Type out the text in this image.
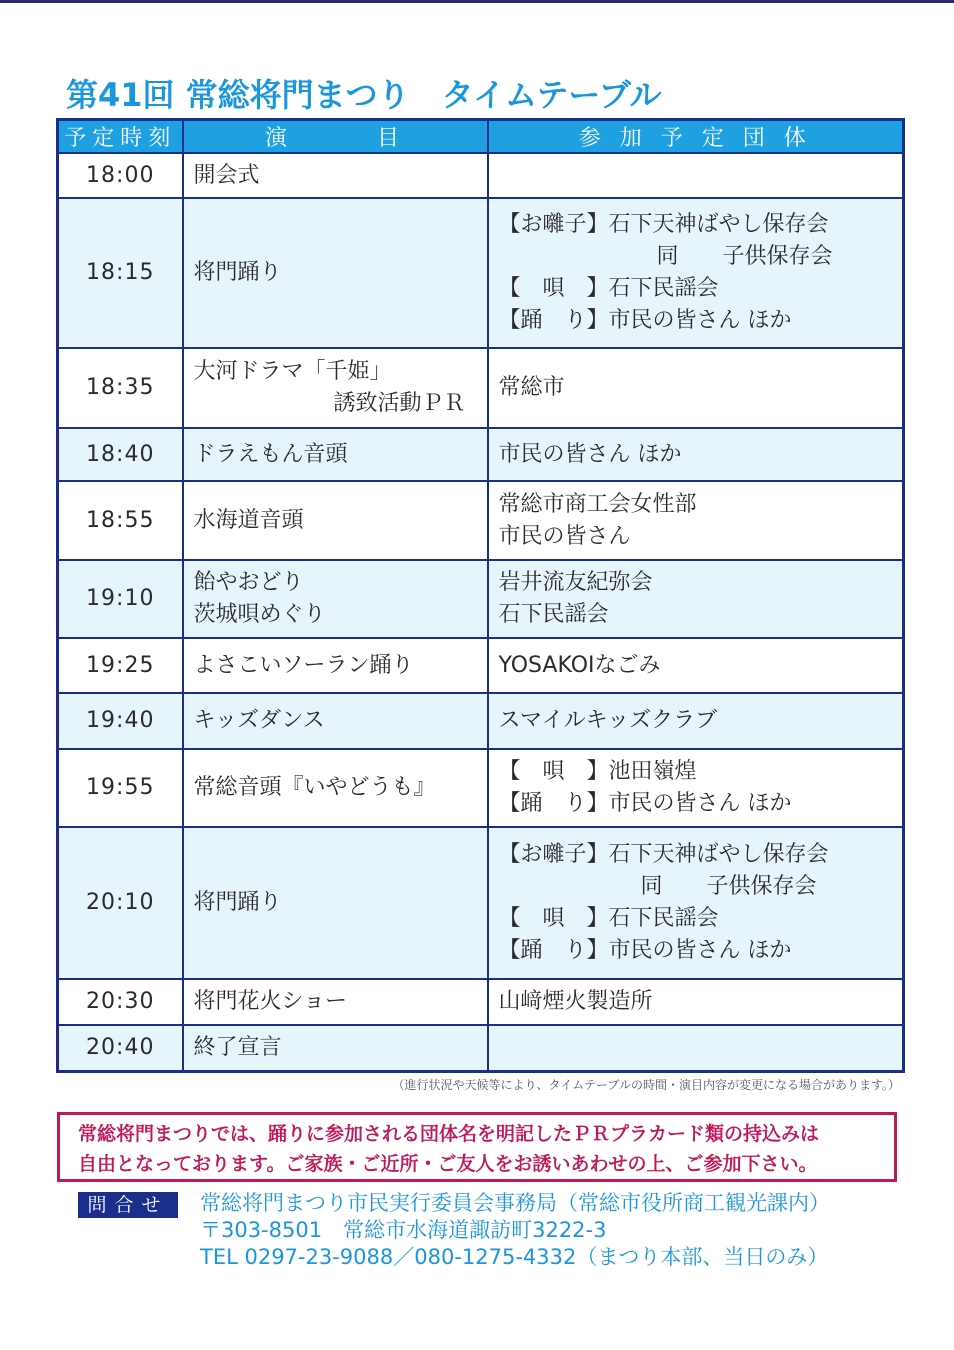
第41回 常総将門まつり　タイムテーブル
予定時刻	演　　　目	参 加 予 定 団 体
18:00	開会式	

18:15	将門踊り	【お囃子】石下天神ばやし保存会
同　　子供保存会
【　唄　】石下民謡会
【踊　り】市民の皆さん ほか

18:35	大河ドラマ「千姫」
誘致活動ＰＲ	常総市

18:40	ドラえもん音頭	市民の皆さん ほか

18:55	水海道音頭	常総市商工会女性部
市民の皆さん

19:10	飴やおどり
茨城唄めぐり	岩井流友紀弥会
石下民謡会

19:25	よさこいソーラン踊り	YOSAKOIなごみ

19:40	キッズダンス	スマイルキッズクラブ

19:55	常総音頭『いやどうも』	【　唄　】池田嶺煌
【踊　り】市民の皆さん ほか

20:10	将門踊り	【お囃子】石下天神ばやし保存会
同　　子供保存会
【　唄　】石下民謡会
【踊　り】市民の皆さん ほか

20:30	将門花火ショー	山﨑煙火製造所

20:40	終了宣言	

（進行状況や天候等により、タイムテーブルの時間・演目内容が変更になる場合があります。）
常総将門まつりでは、踊りに参加される団体名を明記したＰＲプラカード類の持込みは
自由となっております。ご家族・ご近所・ご友人をお誘いあわせの上、ご参加下さい。
問合せ	常総将門まつり市民実行委員会事務局（常総市役所商工観光課内）
〒303-8501　常総市水海道諏訪町3222-3
TEL 0297-23-9088／080-1275-4332（まつり本部、当日のみ）
